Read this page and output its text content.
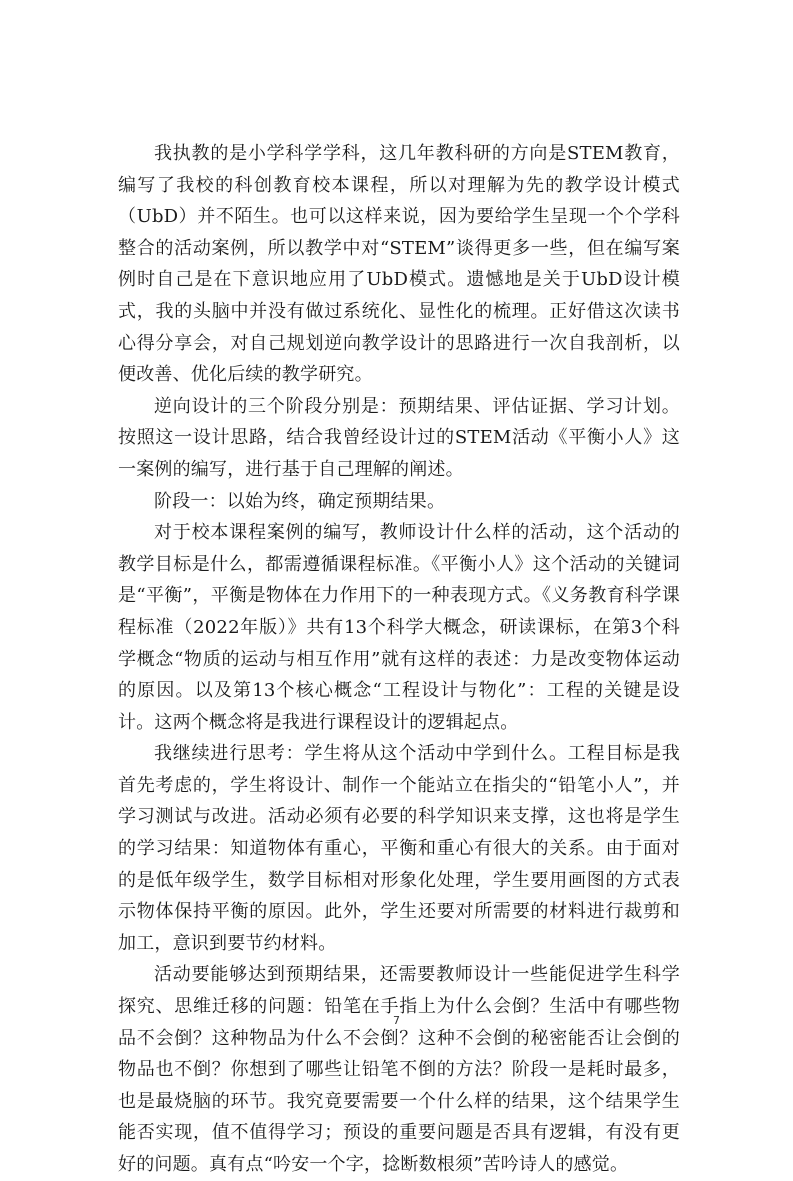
我执教的是小学科学学科，这几年教科研的方向是STEM教育，编写了我校的科创教育校本课程，所以对理解为先的教学设计模式（UbD）并不陌生。也可以这样来说，因为要给学生呈现一个个学科整合的活动案例，所以教学中对“STEM”谈得更多一些，但在编写案例时自己是在下意识地应用了UbD模式。遗憾地是关于UbD设计模式，我的头脑中并没有做过系统化、显性化的梳理。正好借这次读书心得分享会，对自己规划逆向教学设计的思路进行一次自我剖析，以便改善、优化后续的教学研究。

逆向设计的三个阶段分别是：预期结果、评估证据、学习计划。按照这一设计思路，结合我曾经设计过的STEM活动《平衡小人》这一案例的编写，进行基于自己理解的阐述。

阶段一：以始为终，确定预期结果。

对于校本课程案例的编写，教师设计什么样的活动，这个活动的教学目标是什么，都需遵循课程标准。《平衡小人》这个活动的关键词是“平衡”，平衡是物体在力作用下的一种表现方式。《义务教育科学课程标准（2022年版）》共有13个科学大概念，研读课标，在第3个科学概念“物质的运动与相互作用”就有这样的表述：力是改变物体运动的原因。以及第13个核心概念“工程设计与物化”：工程的关键是设计。这两个概念将是我进行课程设计的逻辑起点。

我继续进行思考：学生将从这个活动中学到什么。工程目标是我首先考虑的，学生将设计、制作一个能站立在指尖的“铅笔小人”，并学习测试与改进。活动必须有必要的科学知识来支撑，这也将是学生的学习结果：知道物体有重心，平衡和重心有很大的关系。由于面对的是低年级学生，数学目标相对形象化处理，学生要用画图的方式表示物体保持平衡的原因。此外，学生还要对所需要的材料进行裁剪和加工，意识到要节约材料。

活动要能够达到预期结果，还需要教师设计一些能促进学生科学探究、思维迁移的问题：铅笔在手指上为什么会倒？生活中有哪些物品不会倒？这种物品为什么不会倒？这种不会倒的秘密能否让会倒的物品也不倒？你想到了哪些让铅笔不倒的方法？阶段一是耗时最多，也是最烧脑的环节。我究竟要需要一个什么样的结果，这个结果学生能否实现，值不值得学习；预设的重要问题是否具有逻辑，有没有更好的问题。真有点“吟安一个字，捻断数根须”苦吟诗人的感觉。

7
